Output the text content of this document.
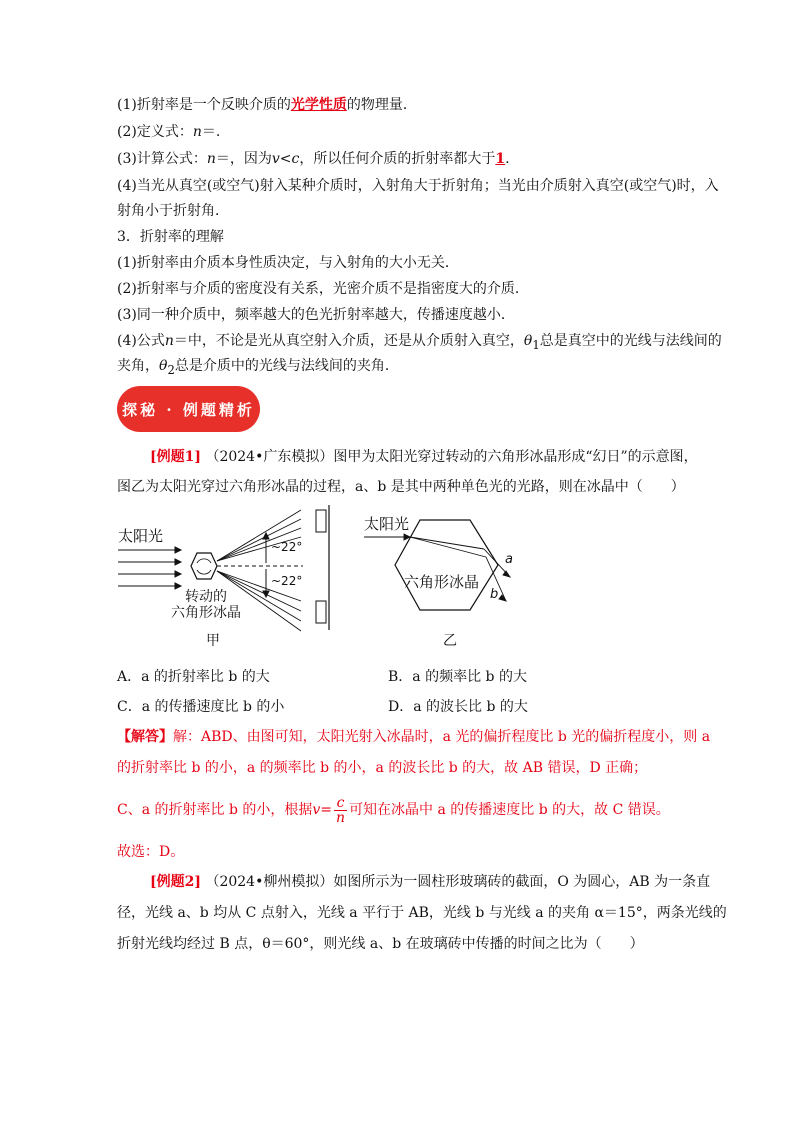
(1)折射率是一个反映介质的光学性质的物理量．
(2)定义式：n＝.
(3)计算公式：n＝，因为v<c，所以任何介质的折射率都大于1.
(4)当光从真空(或空气)射入某种介质时，入射角大于折射角；当光由介质射入真空(或空气)时，入
射角小于折射角．
3．折射率的理解
(1)折射率由介质本身性质决定，与入射角的大小无关．
(2)折射率与介质的密度没有关系，光密介质不是指密度大的介质．
(3)同一种介质中，频率越大的色光折射率越大，传播速度越小．
(4)公式n＝中，不论是光从真空射入介质，还是从介质射入真空，$\theta_1$总是真空中的光线与法线间的
夹角，$\theta_2$总是介质中的光线与法线间的夹角．
探秘 · 例题精析
[例题1] （2024•广东模拟）图甲为太阳光穿过转动的六角形冰晶形成“幻日”的示意图，
图乙为太阳光穿过六角形冰晶的过程，a、b 是其中两种单色光的光路，则在冰晶中（　　）
太阳光
~22°
~22°
转动的
六角形冰晶
甲
太阳光
a
b
六角形冰晶
乙
A．a 的折射率比 b 的大	B．a 的频率比 b 的大
C．a 的传播速度比 b 的小	D．a 的波长比 b 的大
【解答】解：ABD、由图可知，太阳光射入冰晶时，a 光的偏折程度比 b 光的偏折程度小，则 a
的折射率比 b 的小，a 的频率比 b 的小，a 的波长比 b 的大，故 AB 错误，D 正确；
C、a 的折射率比 b 的小，根据$v= \frac{c}{n}$ 可知在冰晶中 a 的传播速度比 b 的大，故 C 错误。
故选：D。
[例题2] （2024•柳州模拟）如图所示为一圆柱形玻璃砖的截面，O 为圆心，AB 为一条直
径，光线 a、b 均从 C 点射入，光线 a 平行于 AB，光线 b 与光线 a 的夹角 α＝15°，两条光线的
折射光线均经过 B 点，θ＝60°，则光线 a、b 在玻璃砖中传播的时间之比为（　　）
